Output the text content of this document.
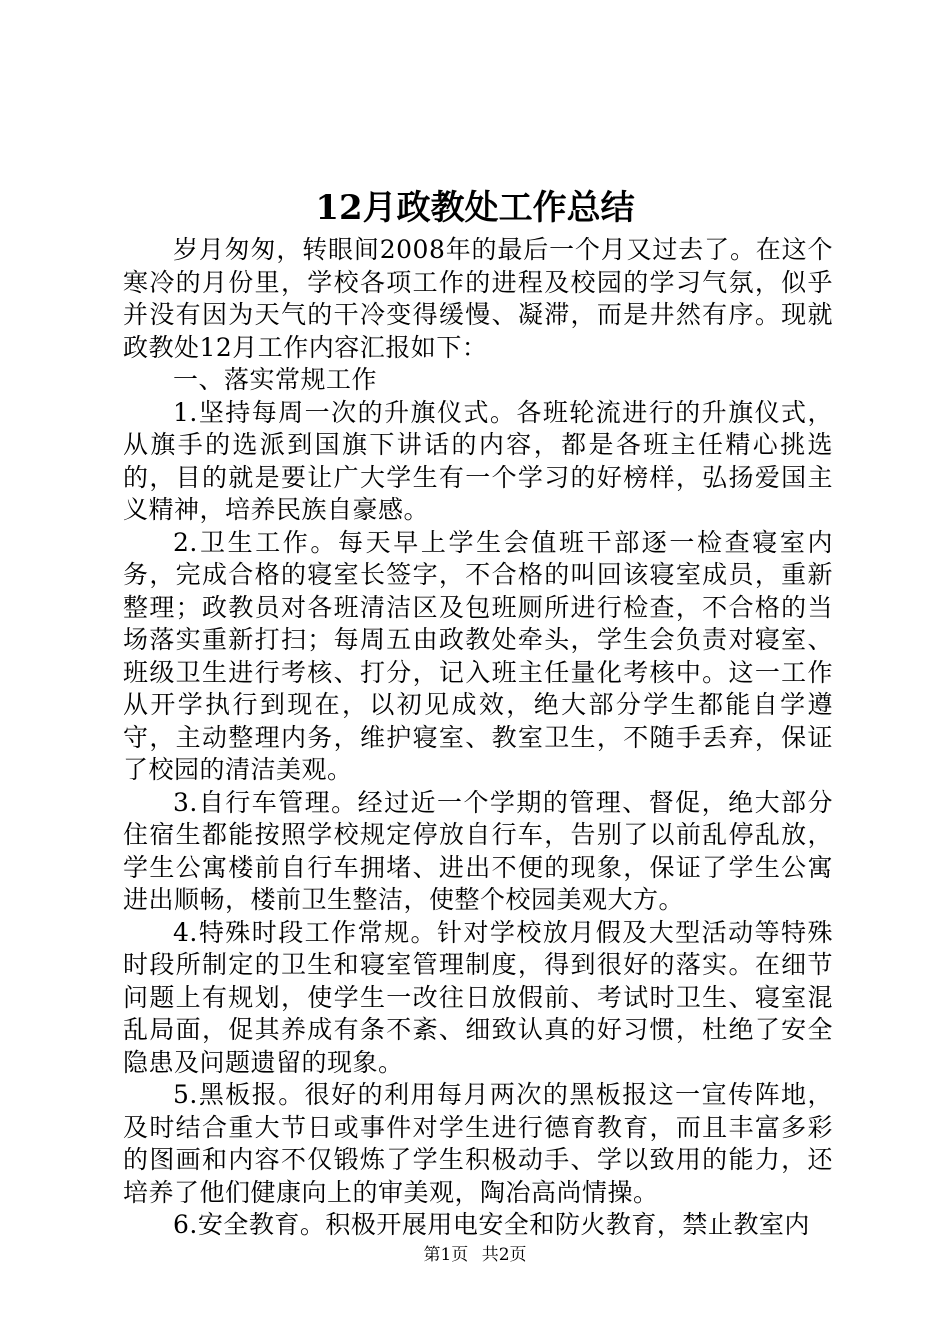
12月政教处工作总结

岁月匆匆，转眼间2008年的最后一个月又过去了。在这个寒冷的月份里，学校各项工作的进程及校园的学习气氛，似乎并没有因为天气的干冷变得缓慢、凝滞，而是井然有序。现就政教处12月工作内容汇报如下：

一、落实常规工作

1.坚持每周一次的升旗仪式。各班轮流进行的升旗仪式，从旗手的选派到国旗下讲话的内容，都是各班主任精心挑选的，目的就是要让广大学生有一个学习的好榜样，弘扬爱国主义精神，培养民族自豪感。

2.卫生工作。每天早上学生会值班干部逐一检查寝室内务，完成合格的寝室长签字，不合格的叫回该寝室成员，重新整理；政教员对各班清洁区及包班厕所进行检查，不合格的当场落实重新打扫；每周五由政教处牵头，学生会负责对寝室、班级卫生进行考核、打分，记入班主任量化考核中。这一工作从开学执行到现在，以初见成效，绝大部分学生都能自学遵守，主动整理内务，维护寝室、教室卫生，不随手丢弃，保证了校园的清洁美观。

3.自行车管理。经过近一个学期的管理、督促，绝大部分住宿生都能按照学校规定停放自行车，告别了以前乱停乱放，学生公寓楼前自行车拥堵、进出不便的现象，保证了学生公寓进出顺畅，楼前卫生整洁，使整个校园美观大方。

4.特殊时段工作常规。针对学校放月假及大型活动等特殊时段所制定的卫生和寝室管理制度，得到很好的落实。在细节问题上有规划，使学生一改往日放假前、考试时卫生、寝室混乱局面，促其养成有条不紊、细致认真的好习惯，杜绝了安全隐患及问题遗留的现象。

5.黑板报。很好的利用每月两次的黑板报这一宣传阵地，及时结合重大节日或事件对学生进行德育教育，而且丰富多彩的图画和内容不仅锻炼了学生积极动手、学以致用的能力，还培养了他们健康向上的审美观，陶冶高尚情操。

6.安全教育。积极开展用电安全和防火教育，禁止教室内

第1页 共2页
